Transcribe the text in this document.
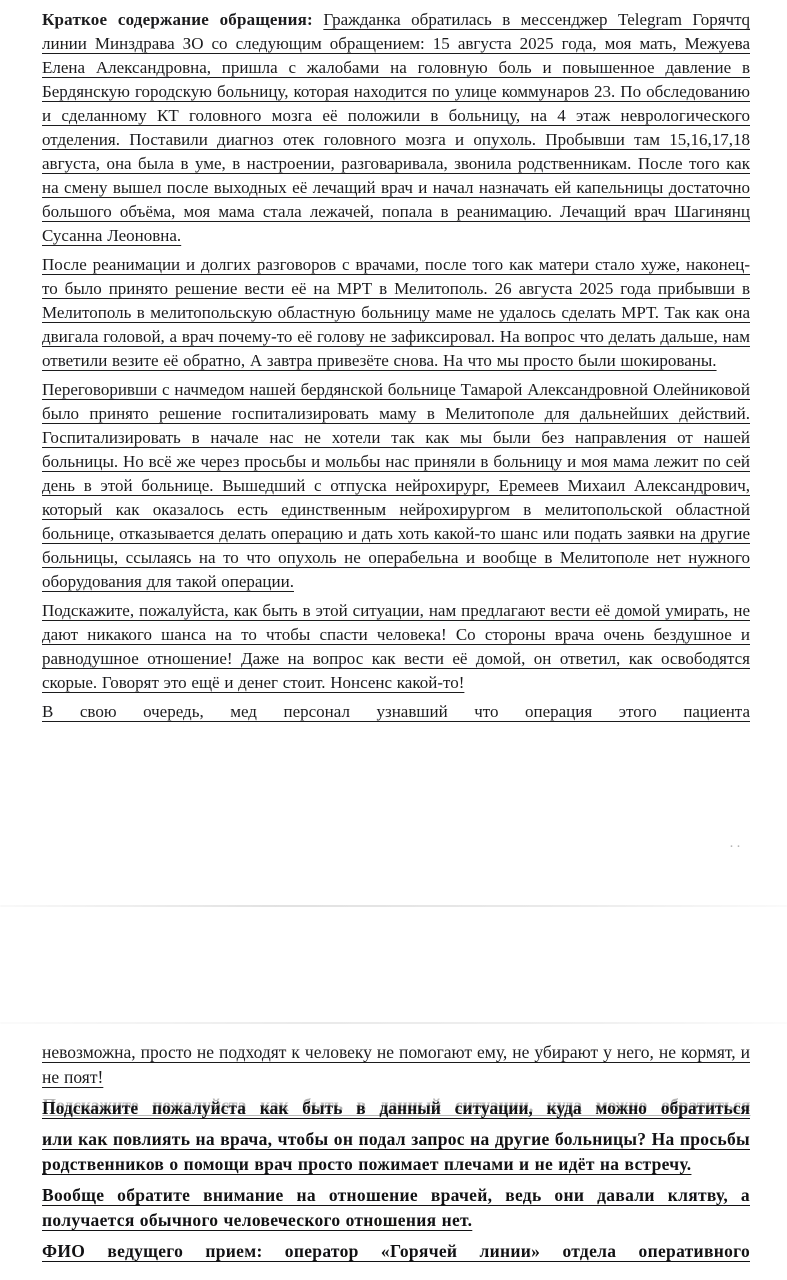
Краткое содержание обращения: Гражданка обратилась в мессенджер Telegram Горячтq линии Минздрава ЗО со следующим обращением: 15 августа 2025 года, моя мать, Межуева Елена Александровна, пришла с жалобами на головную боль и повышенное давление в Бердянскую городскую больницу, которая находится по улице коммунаров 23. По обследованию и сделанному КТ головного мозга её положили в больницу, на 4 этаж неврологического отделения. Поставили диагноз отек головного мозга и опухоль. Пробывши там 15,16,17,18 августа, она была в уме, в настроении, разговаривала, звонила родственникам. После того как на смену вышел после выходных её лечащий врач и начал назначать ей капельницы достаточно большого объёма, моя мама стала лежачей, попала в реанимацию. Лечащий врач Шагинянц Сусанна Леоновна.

После реанимации и долгих разговоров с врачами, после того как матери стало хуже, наконец-то было принято решение вести её на МРТ в Мелитополь. 26 августа 2025 года прибывши в Мелитополь в мелитопольскую областную больницу маме не удалось сделать МРТ. Так как она двигала головой, а врач почему-то её голову не зафиксировал. На вопрос что делать дальше, нам ответили везите её обратно, А завтра привезёте снова. На что мы просто были шокированы.

Переговоривши с начмедом нашей бердянской больнице Тамарой Александровной Олейниковой было принято решение госпитализировать маму в Мелитополе для дальнейших действий. Госпитализировать в начале нас не хотели так как мы были без направления от нашей больницы. Но всё же через просьбы и мольбы нас приняли в больницу и моя мама лежит по сей день в этой больнице. Вышедший с отпуска нейрохирург, Еремеев Михаил Александрович, который как оказалось есть единственным нейрохирургом в мелитопольской областной больнице, отказывается делать операцию и дать хоть какой-то шанс или подать заявки на другие больницы, ссылаясь на то что опухоль не операбельна и вообще в Мелитополе нет нужного оборудования для такой операции.

Подскажите, пожалуйста, как быть в этой ситуации, нам предлагают вести её домой умирать, не дают никакого шанса на то чтобы спасти человека! Со стороны врача очень бездушное и равнодушное отношение! Даже на вопрос как вести её домой, он ответил, как освободятся скорые. Говорят это ещё и денег стоит. Нонсенс какой-то!

В свою очередь, мед персонал узнавший что операция этого пациента

··

невозможна, просто не подходят к человеку не помогают ему, не убирают у него, не кормят, и не поят!

Подскажите пожалуйста как быть в данный ситуации, куда можно обратиться

или как повлиять на врача, чтобы он подал запрос на другие больницы? На просьбы родственников о помощи врач просто пожимает плечами и не идёт на встречу.

Вообще обратите внимание на отношение врачей, ведь они давали клятву, а получается обычного человеческого отношения нет.

ФИО ведущего прием: оператор «Горячей линии» отдела оперативного
